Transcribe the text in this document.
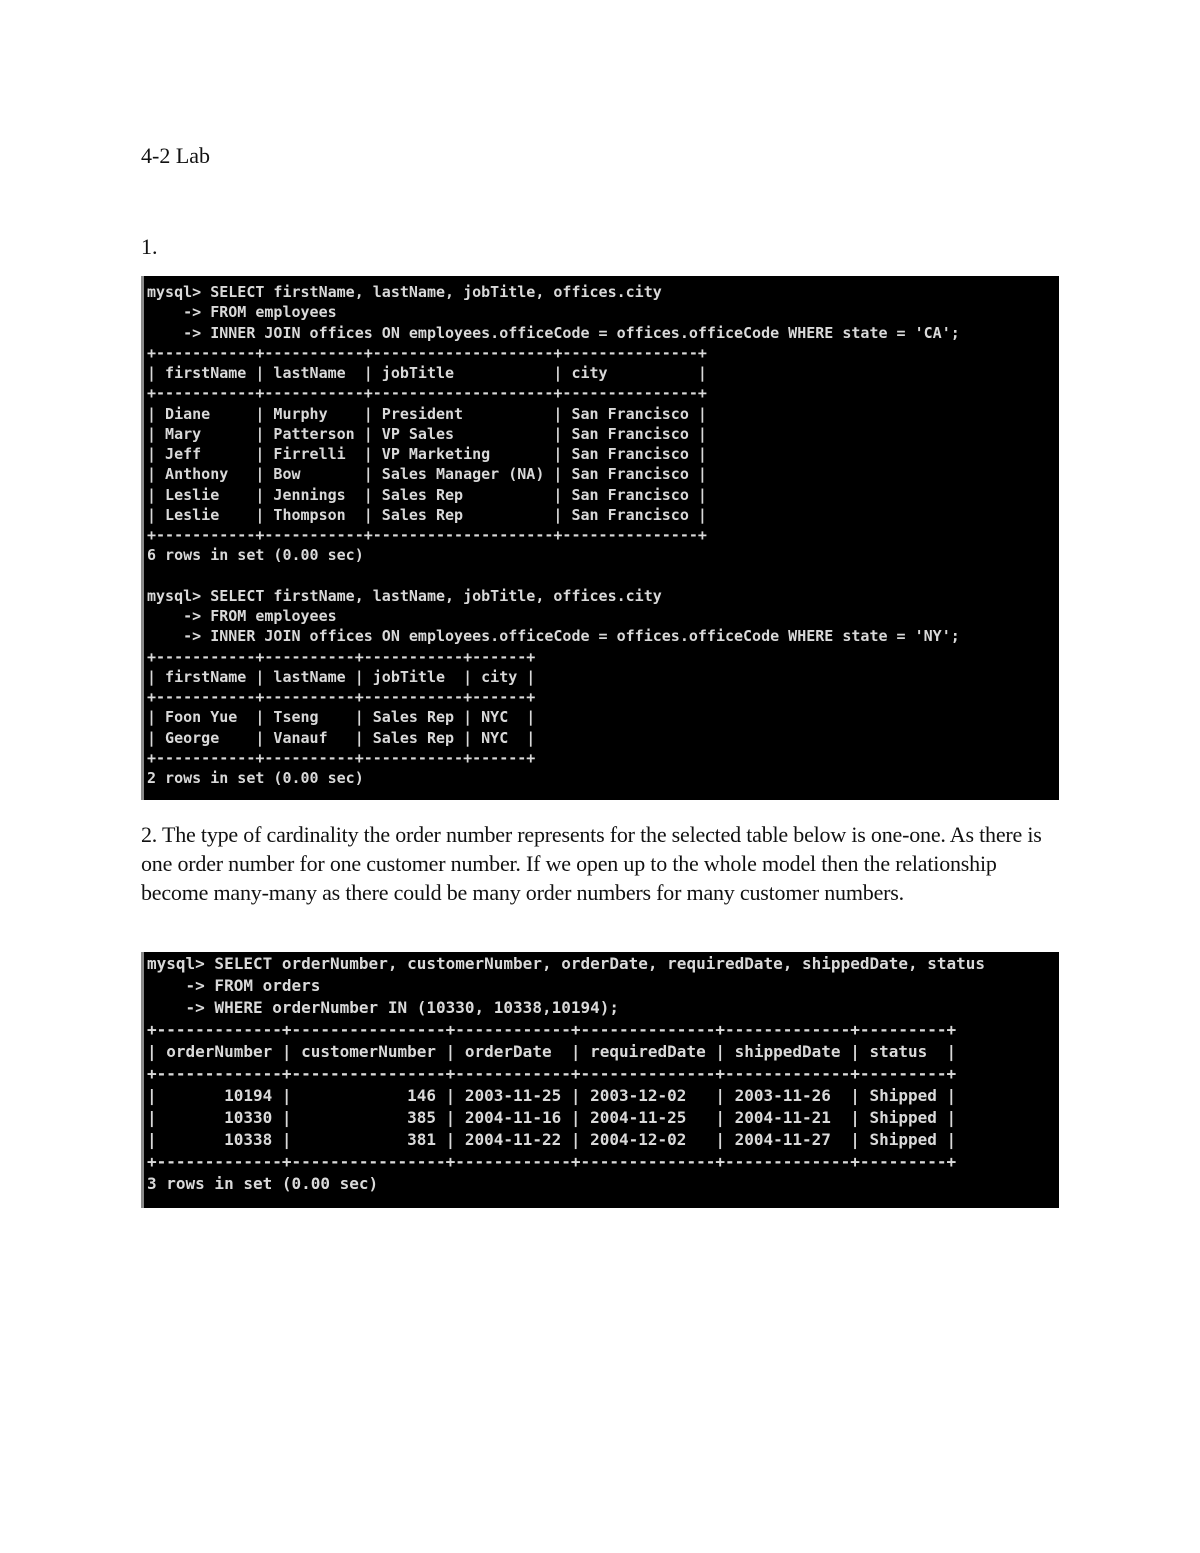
4-2 Lab
1.
mysql> SELECT firstName, lastName, jobTitle, offices.city
-> FROM employees
-> INNER JOIN offices ON employees.officeCode = offices.officeCode WHERE state = 'CA';
+-----------+-----------+--------------------+---------------+
| firstName | lastName  | jobTitle           | city          |
+-----------+-----------+--------------------+---------------+
| Diane     | Murphy    | President          | San Francisco |
| Mary      | Patterson | VP Sales           | San Francisco |
| Jeff      | Firrelli  | VP Marketing       | San Francisco |
| Anthony   | Bow       | Sales Manager (NA) | San Francisco |
| Leslie    | Jennings  | Sales Rep          | San Francisco |
| Leslie    | Thompson  | Sales Rep          | San Francisco |
+-----------+-----------+--------------------+---------------+
6 rows in set (0.00 sec)

mysql> SELECT firstName, lastName, jobTitle, offices.city
-> FROM employees
-> INNER JOIN offices ON employees.officeCode = offices.officeCode WHERE state = 'NY';
+-----------+----------+-----------+------+
| firstName | lastName | jobTitle  | city |
+-----------+----------+-----------+------+
| Foon Yue  | Tseng    | Sales Rep | NYC  |
| George    | Vanauf   | Sales Rep | NYC  |
+-----------+----------+-----------+------+
2 rows in set (0.00 sec)
2. The type of cardinality the order number represents for the selected table below is one-one. As there is one order number for one customer number. If we open up to the whole model then the relationship become many-many as there could be many order numbers for many customer numbers.
mysql> SELECT orderNumber, customerNumber, orderDate, requiredDate, shippedDate, status
-> FROM orders
-> WHERE orderNumber IN (10330, 10338,10194);
+-------------+----------------+------------+--------------+-------------+---------+
| orderNumber | customerNumber | orderDate  | requiredDate | shippedDate | status  |
+-------------+----------------+------------+--------------+-------------+---------+
|       10194 |            146 | 2003-11-25 | 2003-12-02   | 2003-11-26  | Shipped |
|       10330 |            385 | 2004-11-16 | 2004-11-25   | 2004-11-21  | Shipped |
|       10338 |            381 | 2004-11-22 | 2004-12-02   | 2004-11-27  | Shipped |
+-------------+----------------+------------+--------------+-------------+---------+
3 rows in set (0.00 sec)
